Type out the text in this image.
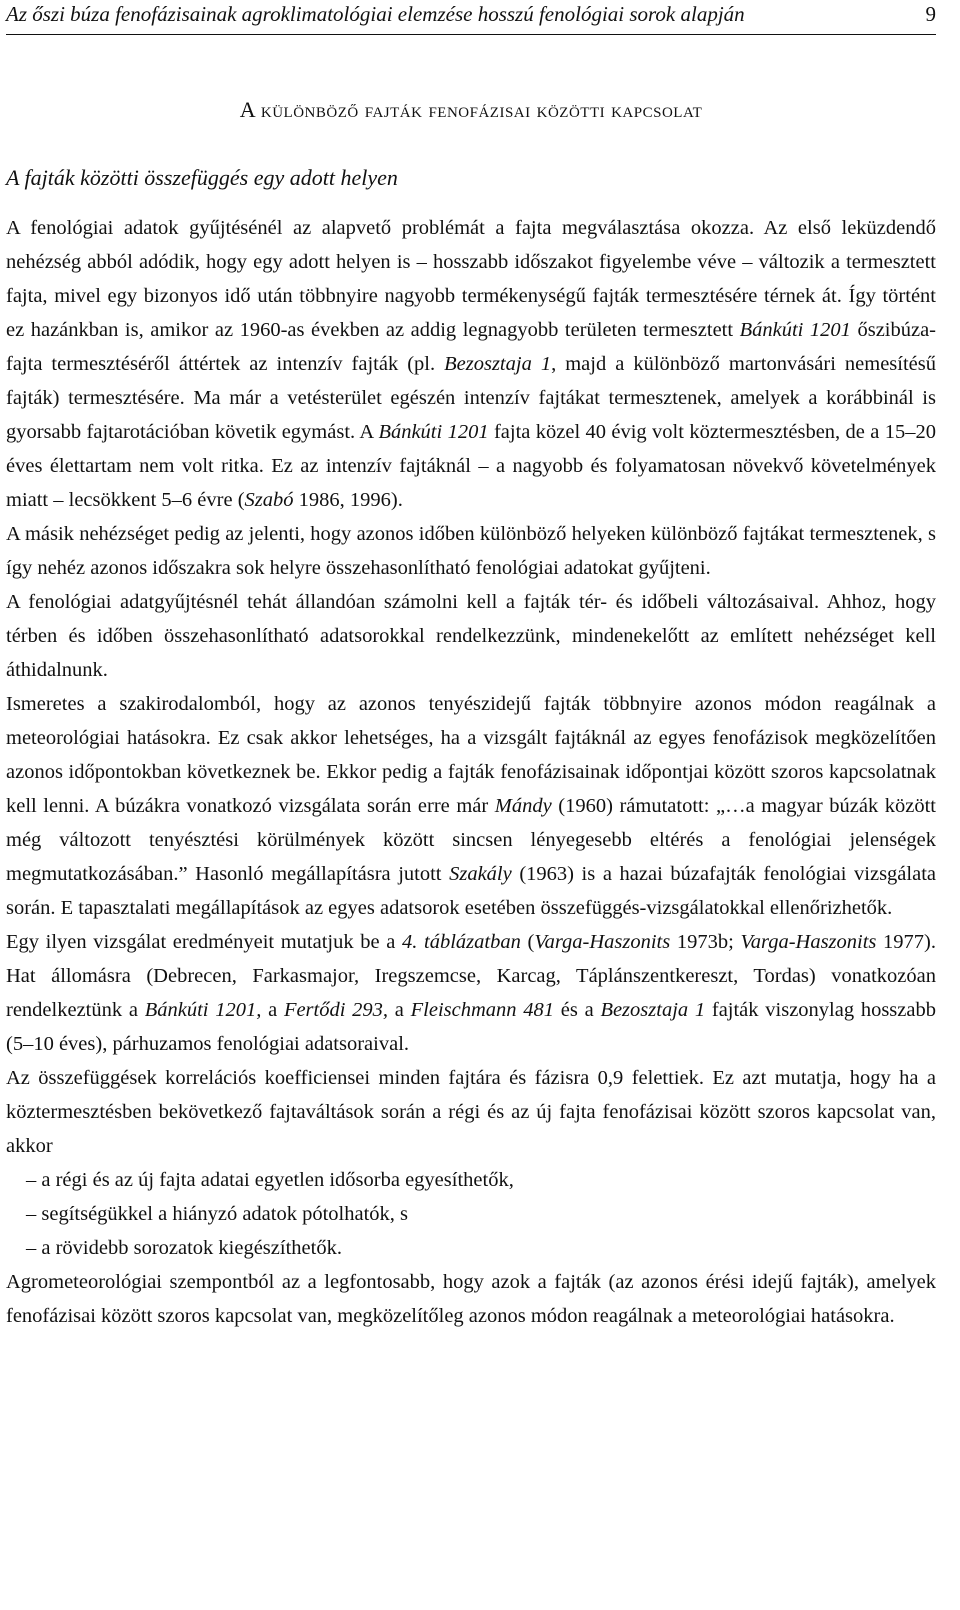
Az őszi búza fenofázisainak agroklimatológiai elemzése hosszú fenológiai sorok alapján	9
A különböző fajták fenofázisai közötti kapcsolat
A fajták közötti összefüggés egy adott helyen

A fenológiai adatok gyűjtésénél az alapvető problémát a fajta megválasztása okozza. Az első leküzdendő nehézség abból adódik, hogy egy adott helyen is – hosszabb időszakot figyelembe véve – változik a termesztett fajta, mivel egy bizonyos idő után többnyire nagyobb termékenységű fajták termesztésére térnek át. Így történt ez hazánkban is, amikor az 1960-as években az addig legnagyobb területen termesztett Bánkúti 1201 őszibúza-fajta termesztéséről áttértek az intenzív fajták (pl. Bezosztaja 1, majd a különböző martonvásári nemesítésű fajták) termesztésére. Ma már a vetésterület egészén intenzív fajtákat termesztenek, amelyek a korábbinál is gyorsabb fajtarotációban követik egymást. A Bánkúti 1201 fajta közel 40 évig volt köztermesztésben, de a 15–20 éves élettartam nem volt ritka. Ez az intenzív fajtáknál – a nagyobb és folyamatosan növekvő követelmények miatt – lecsökkent 5–6 évre (Szabó 1986, 1996).

A másik nehézséget pedig az jelenti, hogy azonos időben különböző helyeken különböző fajtákat termesztenek, s így nehéz azonos időszakra sok helyre összehasonlítható fenológiai adatokat gyűjteni.

A fenológiai adatgyűjtésnél tehát állandóan számolni kell a fajták tér- és időbeli változásaival. Ahhoz, hogy térben és időben összehasonlítható adatsorokkal rendelkezzünk, mindenekelőtt az említett nehézséget kell áthidalnunk.

Ismeretes a szakirodalomból, hogy az azonos tenyészidejű fajták többnyire azonos módon reagálnak a meteorológiai hatásokra. Ez csak akkor lehetséges, ha a vizsgált fajtáknál az egyes fenofázisok megközelítően azonos időpontokban következnek be. Ekkor pedig a fajták fenofázisainak időpontjai között szoros kapcsolatnak kell lenni. A búzákra vonatkozó vizsgálata során erre már Mándy (1960) rámutatott: „…a magyar búzák között még változott tenyésztési körülmények között sincsen lényegesebb eltérés a fenológiai jelenségek megmutatkozásában.” Hasonló megállapításra jutott Szakály (1963) is a hazai búzafajták fenológiai vizsgálata során. E tapasztalati megállapítások az egyes adatsorok esetében összefüggés-vizsgálatokkal ellenőrizhetők.

Egy ilyen vizsgálat eredményeit mutatjuk be a 4. táblázatban (Varga-Haszonits 1973b; Varga-Haszonits 1977). Hat állomásra (Debrecen, Farkasmajor, Iregszemcse, Karcag, Táplánszentkereszt, Tordas) vonatkozóan rendelkeztünk a Bánkúti 1201, a Fertődi 293, a Fleischmann 481 és a Bezosztaja 1 fajták viszonylag hosszabb (5–10 éves), párhuzamos fenológiai adatsoraival.

Az összefüggések korrelációs koefficiensei minden fajtára és fázisra 0,9 felettiek. Ez azt mutatja, hogy ha a köztermesztésben bekövetkező fajtaváltások során a régi és az új fajta fenofázisai között szoros kapcsolat van, akkor

– a régi és az új fajta adatai egyetlen idősorba egyesíthetők,
– segítségükkel a hiányzó adatok pótolhatók, s
– a rövidebb sorozatok kiegészíthetők.

Agrometeorológiai szempontból az a legfontosabb, hogy azok a fajták (az azonos érési idejű fajták), amelyek fenofázisai között szoros kapcsolat van, megközelítőleg azonos módon reagálnak a meteorológiai hatásokra.
